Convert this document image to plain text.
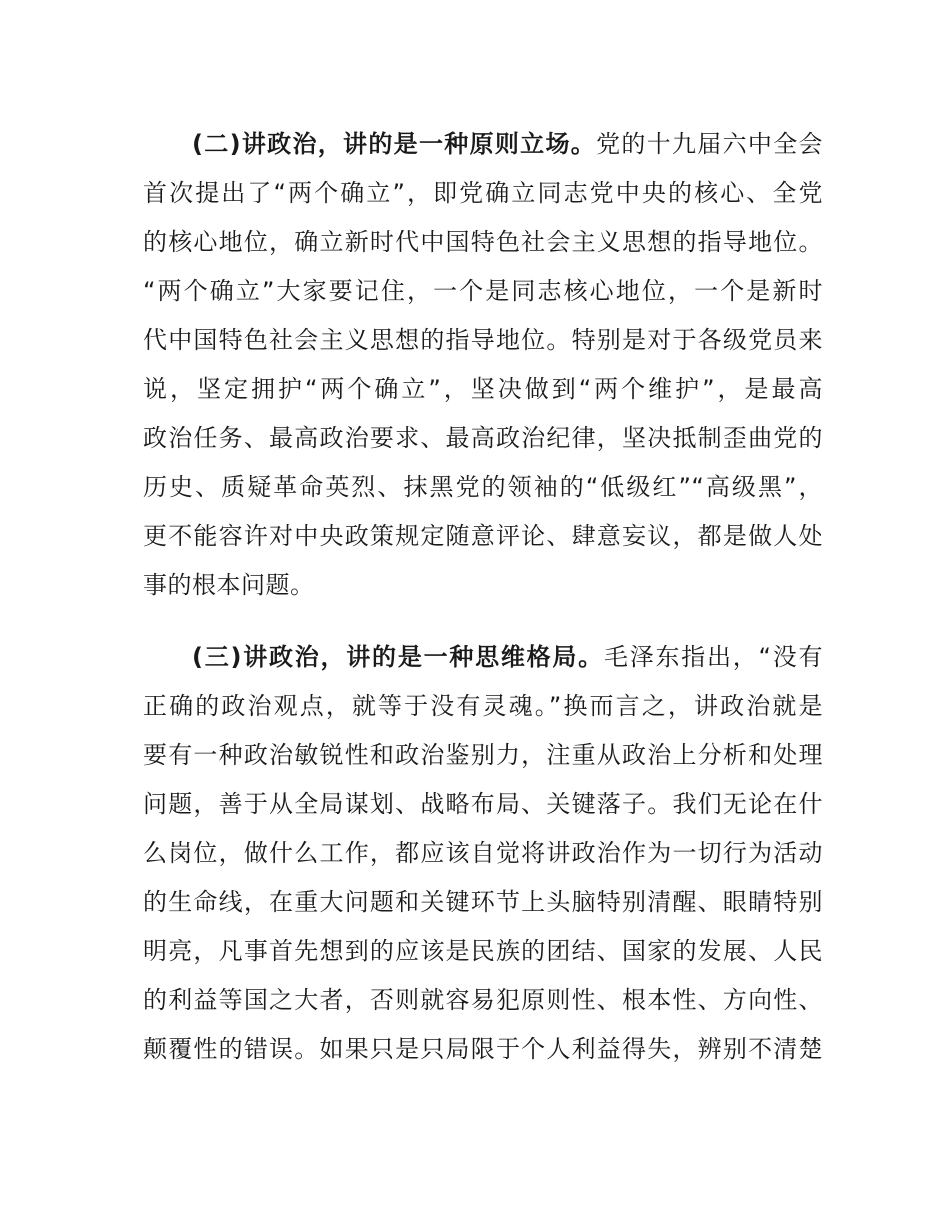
(二)讲政治，讲的是一种原则立场。党的十九届六中全会
首次提出了“两个确立”，即党确立同志党中央的核心、全党
的核心地位，确立新时代中国特色社会主义思想的指导地位。
“两个确立”大家要记住，一个是同志核心地位，一个是新时
代中国特色社会主义思想的指导地位。特别是对于各级党员来
说，坚定拥护“两个确立”，坚决做到“两个维护”，是最高
政治任务、最高政治要求、最高政治纪律，坚决抵制歪曲党的
历史、质疑革命英烈、抹黑党的领袖的“低级红”“高级黑”，
更不能容许对中央政策规定随意评论、肆意妄议，都是做人处
事的根本问题。
(三)讲政治，讲的是一种思维格局。毛泽东指出，“没有
正确的政治观点，就等于没有灵魂。”换而言之，讲政治就是
要有一种政治敏锐性和政治鉴别力，注重从政治上分析和处理
问题，善于从全局谋划、战略布局、关键落子。我们无论在什
么岗位，做什么工作，都应该自觉将讲政治作为一切行为活动
的生命线，在重大问题和关键环节上头脑特别清醒、眼睛特别
明亮，凡事首先想到的应该是民族的团结、国家的发展、人民
的利益等国之大者，否则就容易犯原则性、根本性、方向性、
颠覆性的错误。如果只是只局限于个人利益得失，辨别不清楚
